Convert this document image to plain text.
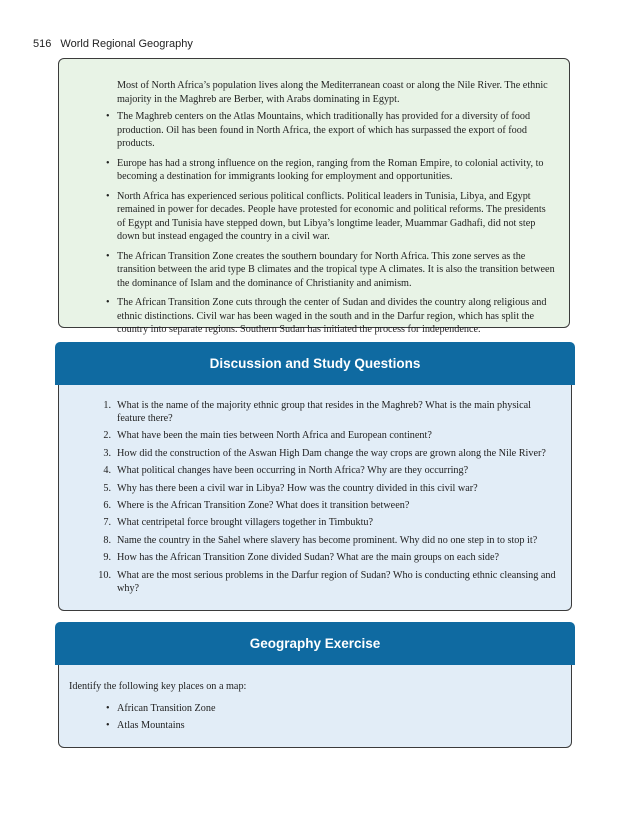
516 World Regional Geography

Most of North Africa’s population lives along the Mediterranean coast or along the Nile River. The ethnic majority in the Maghreb are Berber, with Arabs dominating in Egypt.

• The Maghreb centers on the Atlas Mountains, which traditionally has provided for a diversity of food production. Oil has been found in North Africa, the export of which has surpassed the export of food products.
• Europe has had a strong influence on the region, ranging from the Roman Empire, to colonial activity, to becoming a destination for immigrants looking for employment and opportunities.
• North Africa has experienced serious political conflicts. Political leaders in Tunisia, Libya, and Egypt remained in power for decades. People have protested for economic and political reforms. The presidents of Egypt and Tunisia have stepped down, but Libya’s longtime leader, Muammar Gadhafi, did not step down but instead engaged the country in a civil war.
• The African Transition Zone creates the southern boundary for North Africa. This zone serves as the transition between the arid type B climates and the tropical type A climates. It is also the transition between the dominance of Islam and the dominance of Christianity and animism.
• The African Transition Zone cuts through the center of Sudan and divides the country along religious and ethnic distinctions. Civil war has been waged in the south and in the Darfur region, which has split the country into separate regions. Southern Sudan has initiated the process for independence.
Discussion and Study Questions
1. What is the name of the majority ethnic group that resides in the Maghreb? What is the main physical feature there?
2. What have been the main ties between North Africa and European continent?
3. How did the construction of the Aswan High Dam change the way crops are grown along the Nile River?
4. What political changes have been occurring in North Africa? Why are they occurring?
5. Why has there been a civil war in Libya? How was the country divided in this civil war?
6. Where is the African Transition Zone? What does it transition between?
7. What centripetal force brought villagers together in Timbuktu?
8. Name the country in the Sahel where slavery has become prominent. Why did no one step in to stop it?
9. How has the African Transition Zone divided Sudan? What are the main groups on each side?
10. What are the most serious problems in the Darfur region of Sudan? Who is conducting ethnic cleansing and why?
Geography Exercise

Identify the following key places on a map:

• African Transition Zone
• Atlas Mountains
